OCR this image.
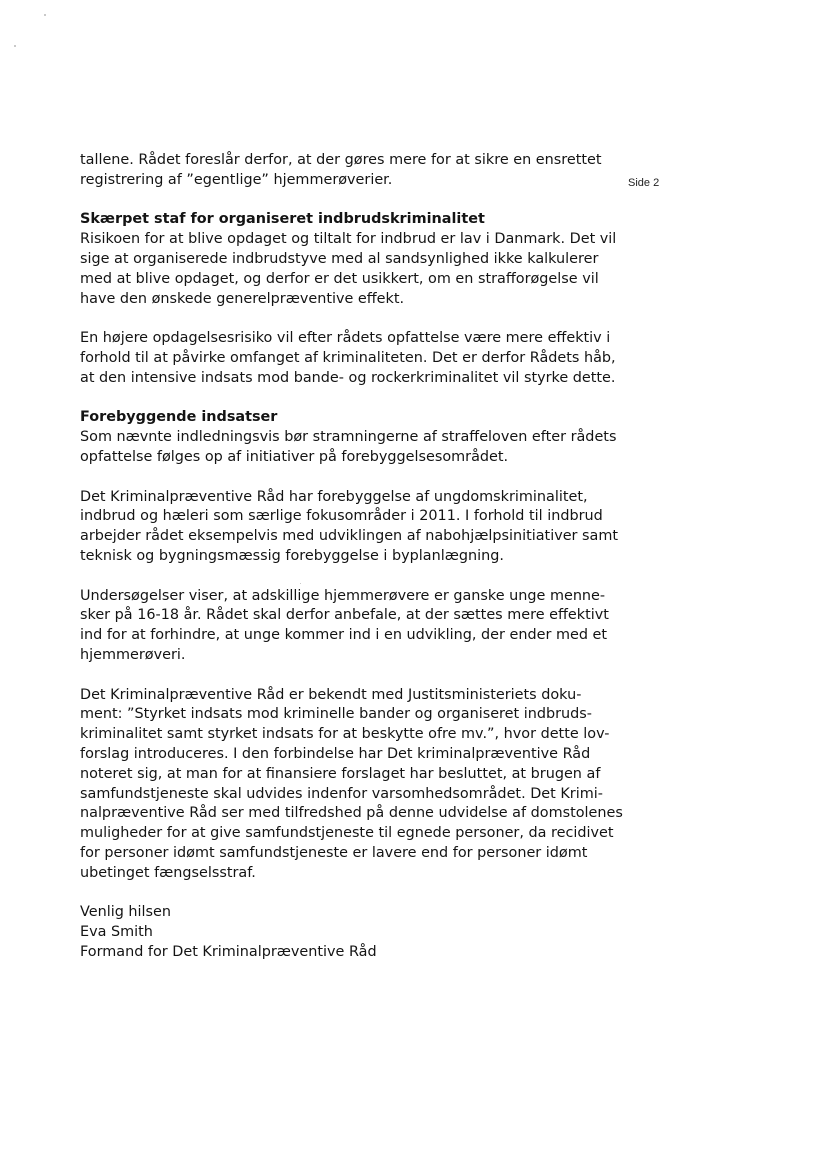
Side 2
tallene. Rådet foreslår derfor, at der gøres mere for at sikre en ensrettet
registrering af ”egentlige” hjemmerøverier.
Skærpet staf for organiseret indbrudskriminalitet
Risikoen for at blive opdaget og tiltalt for indbrud er lav i Danmark. Det vil
sige at organiserede indbrudstyve med al sandsynlighed ikke kalkulerer
med at blive opdaget, og derfor er det usikkert, om en strafforøgelse vil
have den ønskede generelpræventive effekt.
En højere opdagelsesrisiko vil efter rådets opfattelse være mere effektiv i
forhold til at påvirke omfanget af kriminaliteten. Det er derfor Rådets håb,
at den intensive indsats mod bande- og rockerkriminalitet vil styrke dette.
Forebyggende indsatser
Som nævnte indledningsvis bør stramningerne af straffeloven efter rådets
opfattelse følges op af initiativer på forebyggelsesområdet.
Det Kriminalpræventive Råd har forebyggelse af ungdomskriminalitet,
indbrud og hæleri som særlige fokusområder i 2011. I forhold til indbrud
arbejder rådet eksempelvis med udviklingen af nabohjælpsinitiativer samt
teknisk og bygningsmæssig forebyggelse i byplanlægning.
Undersøgelser viser, at adskillige hjemmerøvere er ganske unge menne-
sker på 16-18 år. Rådet skal derfor anbefale, at der sættes mere effektivt
ind for at forhindre, at unge kommer ind i en udvikling, der ender med et
hjemmerøveri.
Det Kriminalpræventive Råd er bekendt med Justitsministeriets doku-
ment: ”Styrket indsats mod kriminelle bander og organiseret indbruds-
kriminalitet samt styrket indsats for at beskytte ofre mv.”, hvor dette lov-
forslag introduceres. I den forbindelse har Det kriminalpræventive Råd
noteret sig, at man for at finansiere forslaget har besluttet, at brugen af
samfundstjeneste skal udvides indenfor varsomhedsområdet. Det Krimi-
nalpræventive Råd ser med tilfredshed på denne udvidelse af domstolenes
muligheder for at give samfundstjeneste til egnede personer, da recidivet
for personer idømt samfundstjeneste er lavere end for personer idømt
ubetinget fængselsstraf.
Venlig hilsen
Eva Smith
Formand for Det Kriminalpræventive Råd
